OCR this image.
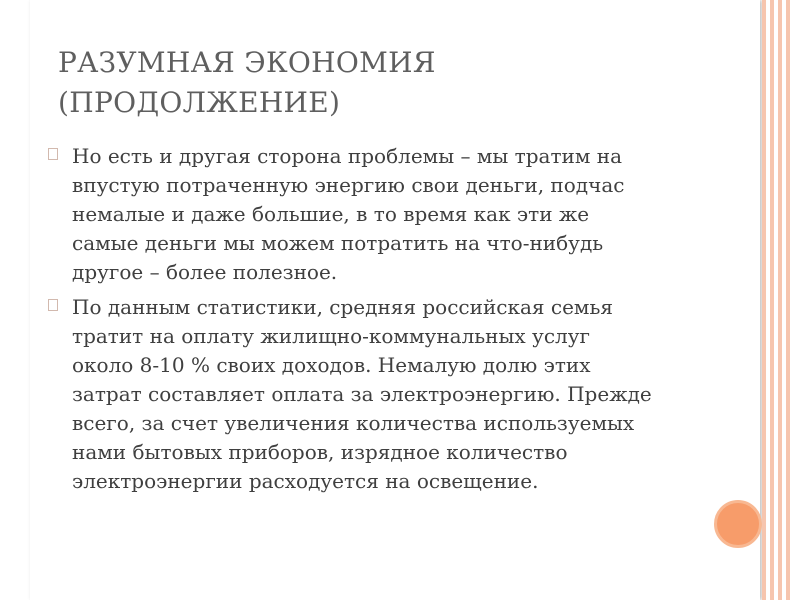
РАЗУМНАЯ ЭКОНОМИЯ
(ПРОДОЛЖЕНИЕ)
Но есть и другая сторона проблемы – мы тратим на
впустую потраченную энергию свои деньги, подчас
немалые и даже большие, в то время как эти же
самые деньги мы можем потратить на что-нибудь
другое – более полезное.
По данным статистики, средняя российская семья
тратит на оплату жилищно-коммунальных услуг
около 8-10 % своих доходов. Немалую долю этих
затрат составляет оплата за электроэнергию. Прежде
всего, за счет увеличения количества используемых
нами бытовых приборов, изрядное количество
электроэнергии расходуется на освещение.
